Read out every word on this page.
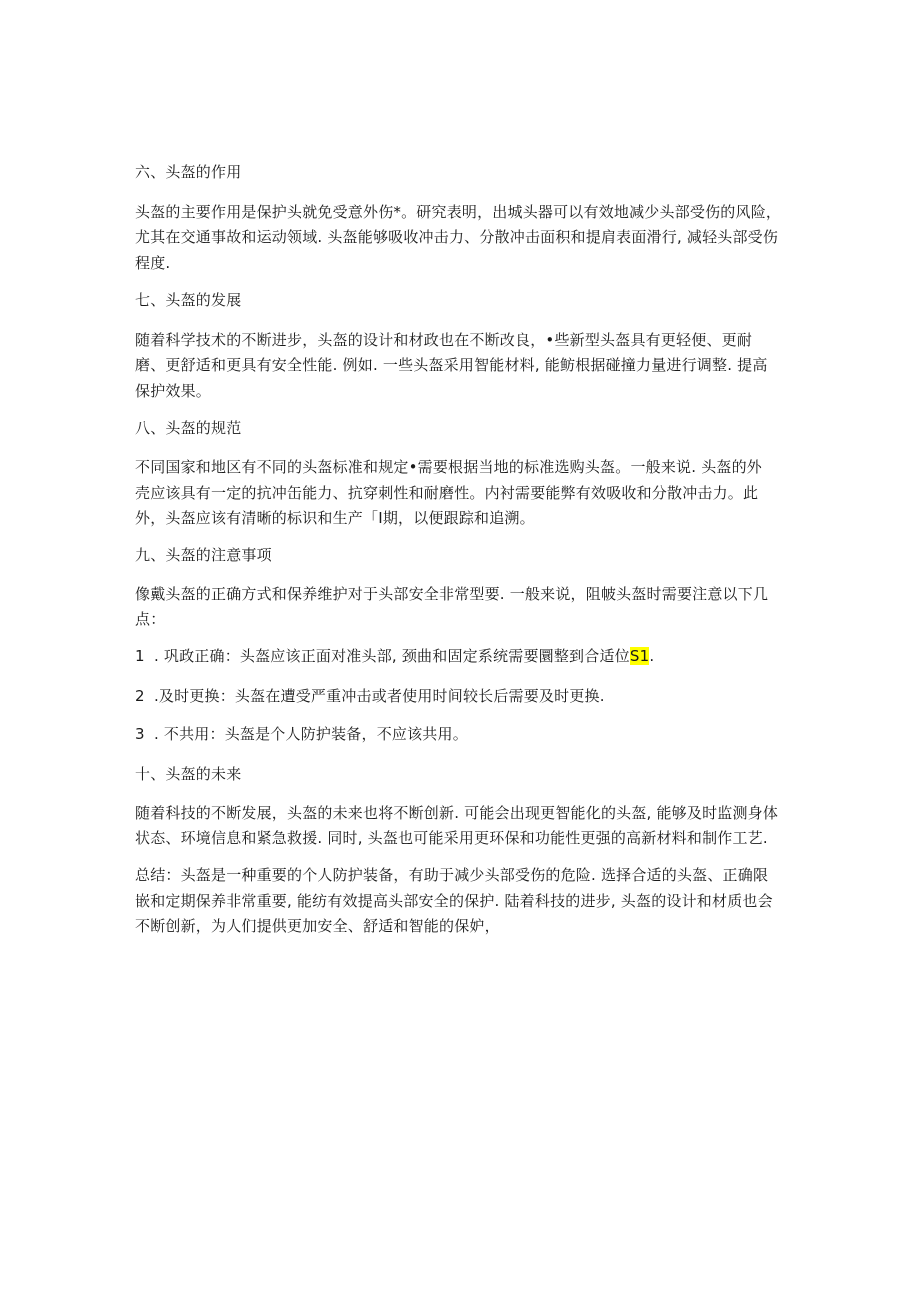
六、头盔的作用
头盔的主要作用是保护头就免受意外伤*。研究表明，出城头器可以有效地减少头部受伤的风险，
尤其在交通事故和运动领域. 头盔能够吸收冲击力、分散冲击面积和提肩表面滑行, 减轻头部受伤
程度.
七、头盔的发展
随着科学技术的不断进步，头盔的设计和材政也在不断改良，•些新型头盔具有更轻便、更耐
磨、更舒适和更具有安全性能. 例如. 一些头盔采用智能材料, 能鲂根据碰撞力量进行调整. 提高
保护效果。
八、头盔的规范
不同国家和地区有不同的头盔标准和规定•需要根据当地的标准选购头盔。一般来说. 头盔的外
壳应该具有一定的抗冲缶能力、抗穿刺性和耐磨性。内衬需要能弊有效吸收和分散冲击力。此
外，头盔应该有清晰的标识和生产「I期，以便跟踪和追溯。
九、头盔的注意事项
像戴头盔的正确方式和保养维护对于头部安全非常型要. 一般来说，阻帔头盔时需要注意以下几
点：
1 . 巩政正确：头盔应该正面对准头部, 颈曲和固定系统需要圜整到合适位S1.
2 .及时更换：头盔在遭受严重冲击或者使用时间较长后需要及时更换.
3 . 不共用：头盔是个人防护装备，不应该共用。
十、头盔的未来
随着科技的不断发展，头盔的未来也将不断创新. 可能会出现更智能化的头盔, 能够及时监测身体
状态、环境信息和紧急救援. 同时, 头盔也可能采用更环保和功能性更强的高新材料和制作工艺.
总结：头盔是一种重要的个人防护装备，有助于减少头部受伤的危险. 选择合适的头盔、正确限
嵌和定期保养非常重要, 能纺有效提高头部安全的保护. 陆着科技的进步, 头盔的设计和材质也会
不断创新，为人们提供更加安全、舒适和智能的保妒，
